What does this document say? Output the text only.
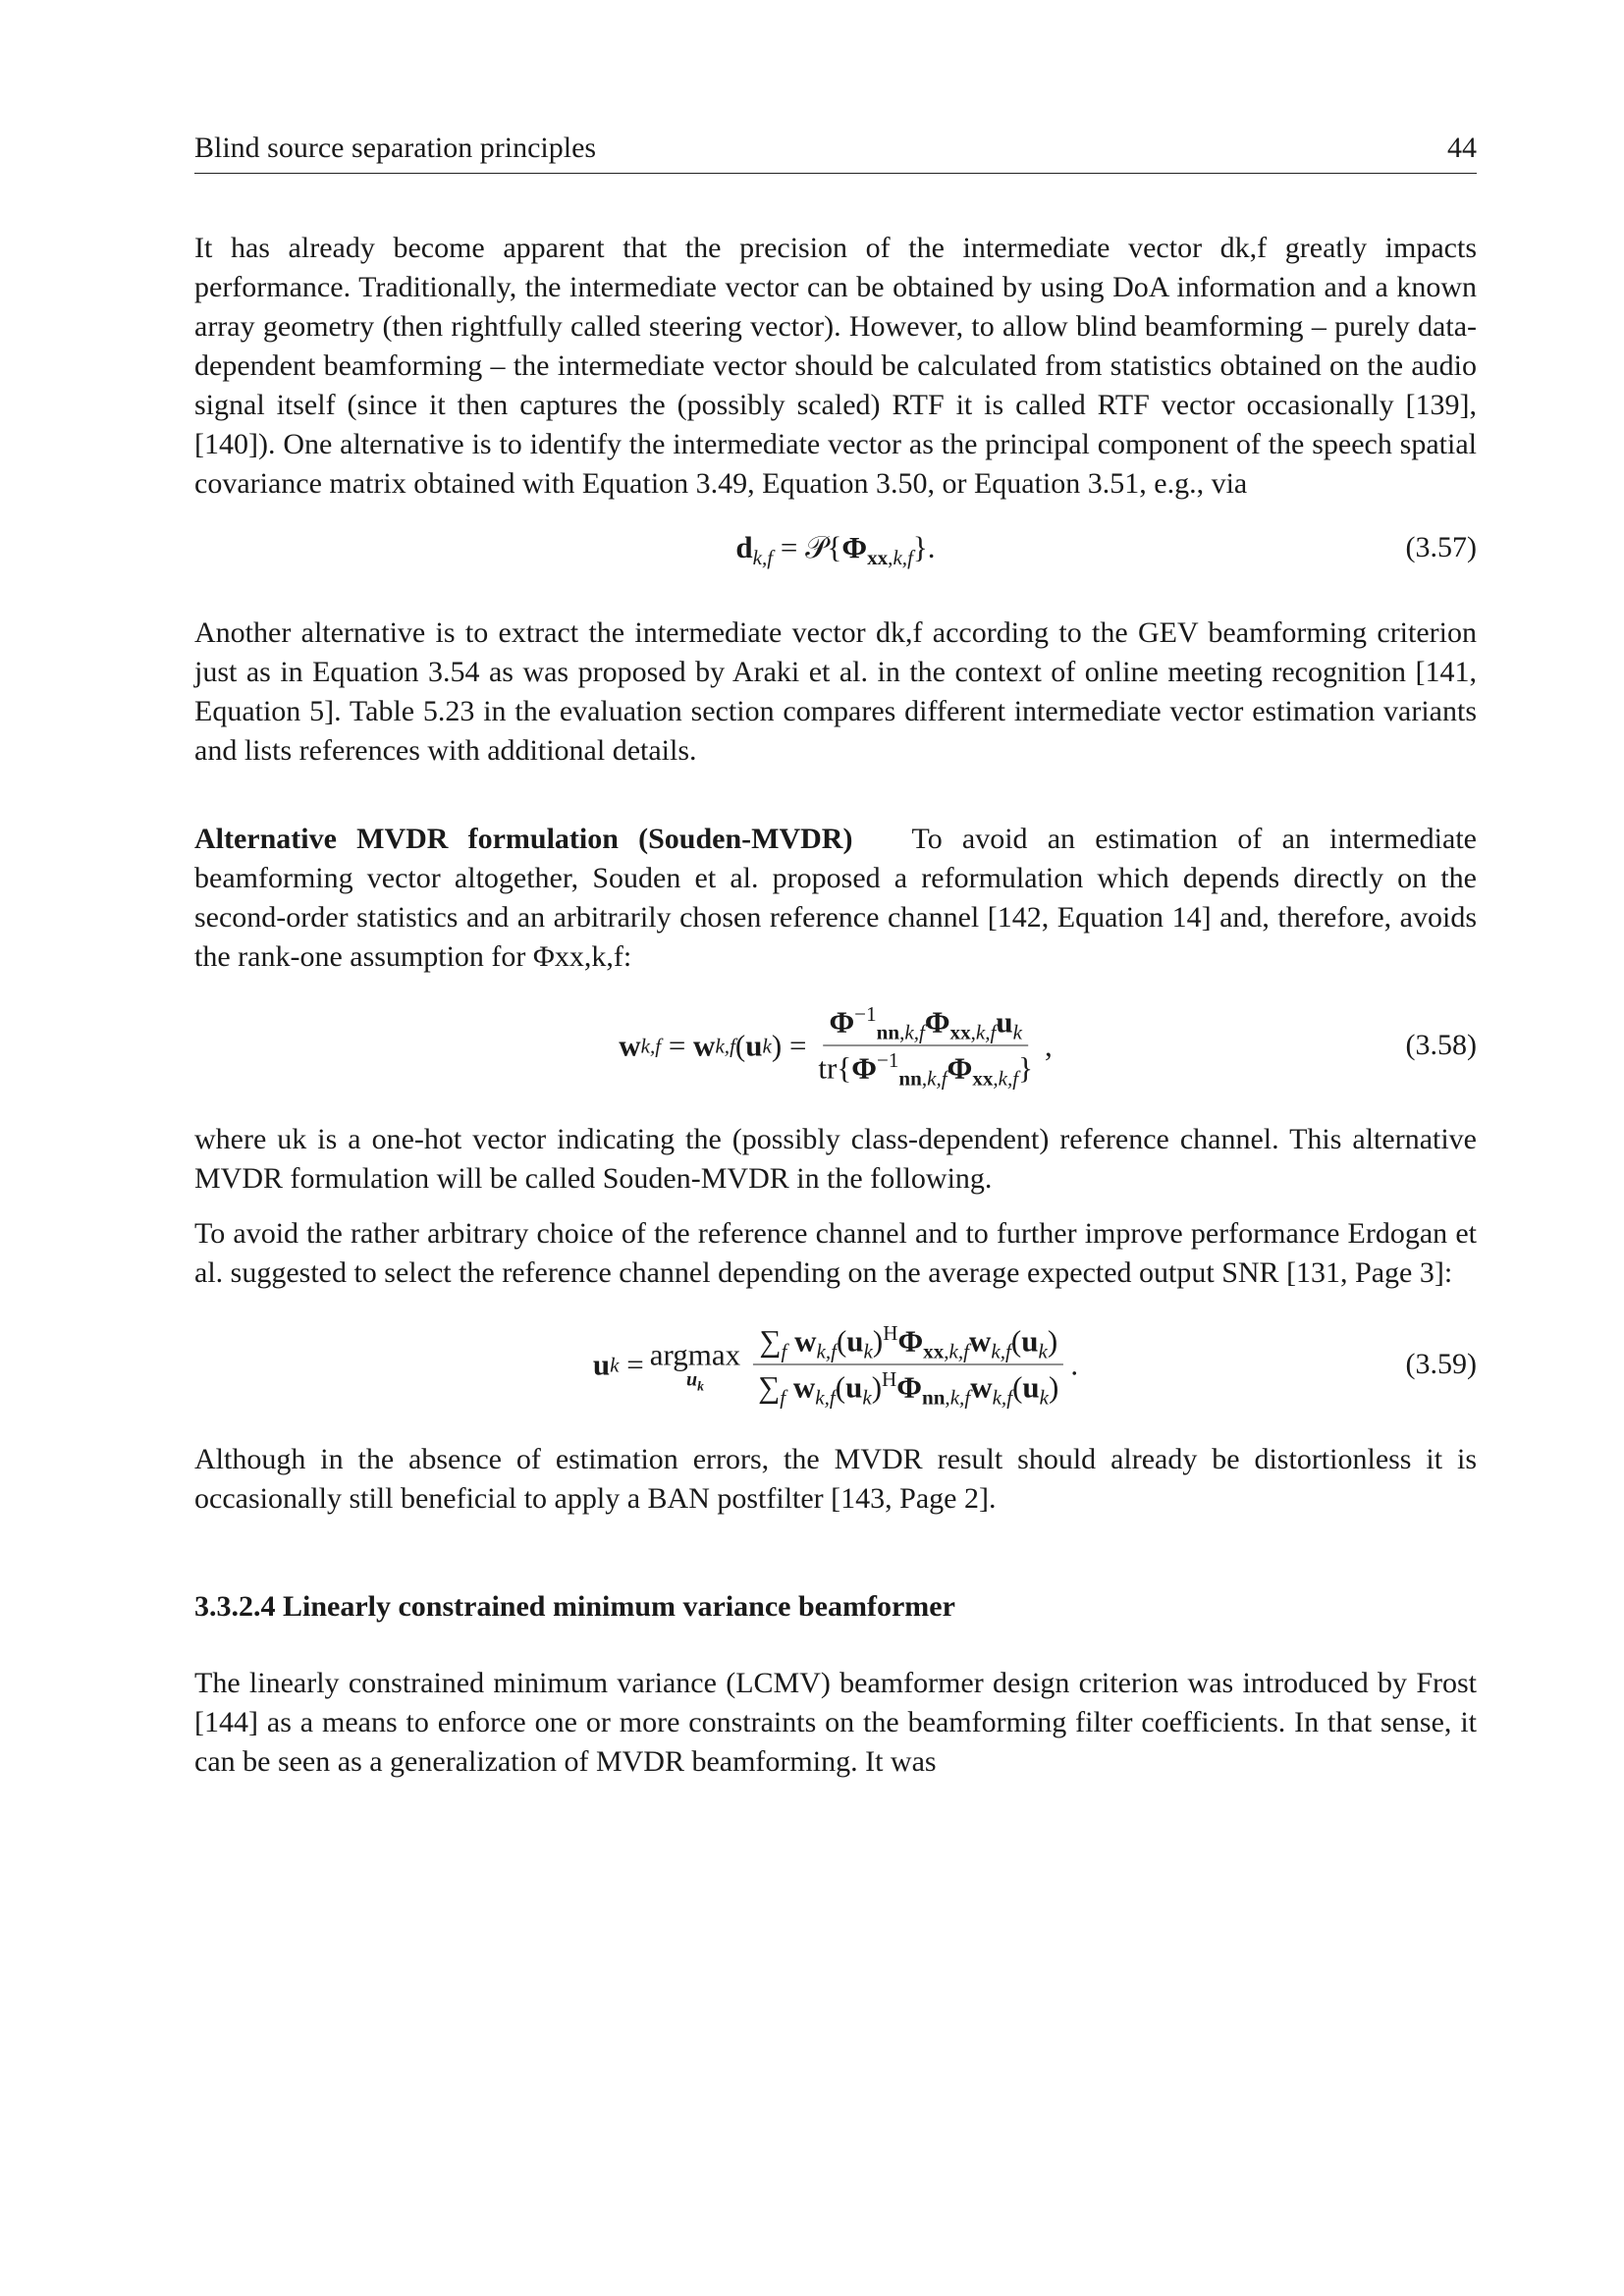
Blind source separation principles	44

It has already become apparent that the precision of the intermediate vector dk,f greatly impacts performance. Traditionally, the intermediate vector can be obtained by using DoA information and a known array geometry (then rightfully called steering vector). However, to allow blind beamforming – purely data-dependent beamforming – the intermediate vector should be calculated from statistics obtained on the audio signal itself (since it then captures the (possibly scaled) RTF it is called RTF vector occasionally [139], [140]). One alternative is to identify the intermediate vector as the principal component of the speech spatial covariance matrix obtained with Equation 3.49, Equation 3.50, or Equation 3.51, e.g., via

$d_{k,f}$ = $𝒫\{\Phi_{xx,k,f}\}$.	(3.57)

Another alternative is to extract the intermediate vector dk,f according to the GEV beamforming criterion just as in Equation 3.54 as was proposed by Araki et al. in the context of online meeting recognition [141, Equation 5]. Table 5.23 in the evaluation section compares different intermediate vector estimation variants and lists references with additional details.

Alternative MVDR formulation (Souden-MVDR) To avoid an estimation of an intermediate beamforming vector altogether, Souden et al. proposed a reformulation which depends directly on the second-order statistics and an arbitrarily chosen reference channel [142, Equation 14] and, therefore, avoids the rank-one assumption for Φxx,k,f:

w k,f = w k,f ( u k ) = $\frac{\Phi^{-1}_{nn,k,f}\Phi_{xx,k,f}u_k}{tr\{\Phi^{-1}_{nn,k,f}\Phi_{xx,k,f}\}}$ ,	(3.58)

where uk is a one-hot vector indicating the (possibly class-dependent) reference channel. This alternative MVDR formulation will be called Souden-MVDR in the following.

To avoid the rather arbitrary choice of the reference channel and to further improve performance Erdogan et al. suggested to select the reference channel depending on the average expected output SNR [131, Page 3]:

u k = argmax
$u_k \frac{\sum_f w_{k,f}(u_k)^H\Phi_{xx,k,f}w_{k,f}(u_k)}{\sum_f w_{k,f}(u_k)^H\Phi_{nn,k,f}w_{k,f}(u_k)}$ .	(3.59)

Although in the absence of estimation errors, the MVDR result should already be distortionless it is occasionally still beneficial to apply a BAN postfilter [143, Page 2].

3.3.2.4 Linearly constrained minimum variance beamformer

The linearly constrained minimum variance (LCMV) beamformer design criterion was introduced by Frost [144] as a means to enforce one or more constraints on the beamforming filter coefficients. In that sense, it can be seen as a generalization of MVDR beamforming. It was
